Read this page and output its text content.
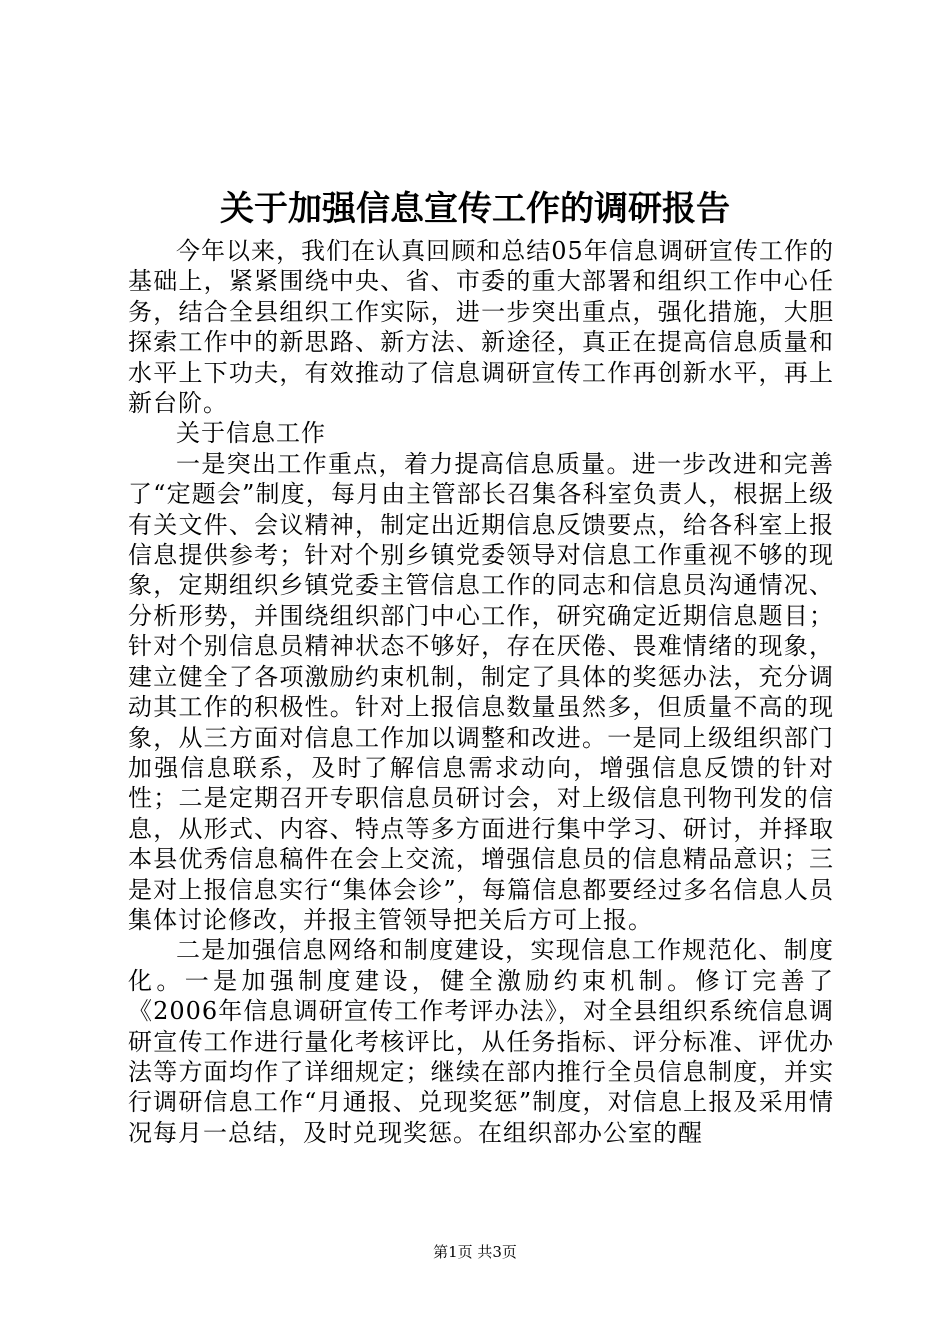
关于加强信息宣传工作的调研报告

今年以来，我们在认真回顾和总结05年信息调研宣传工作的基础上，紧紧围绕中央、省、市委的重大部署和组织工作中心任务，结合全县组织工作实际，进一步突出重点，强化措施，大胆探索工作中的新思路、新方法、新途径，真正在提高信息质量和水平上下功夫，有效推动了信息调研宣传工作再创新水平，再上新台阶。

关于信息工作

一是突出工作重点，着力提高信息质量。进一步改进和完善了“定题会”制度，每月由主管部长召集各科室负责人，根据上级有关文件、会议精神，制定出近期信息反馈要点，给各科室上报信息提供参考；针对个别乡镇党委领导对信息工作重视不够的现象，定期组织乡镇党委主管信息工作的同志和信息员沟通情况、分析形势，并围绕组织部门中心工作，研究确定近期信息题目；针对个别信息员精神状态不够好，存在厌倦、畏难情绪的现象，建立健全了各项激励约束机制，制定了具体的奖惩办法，充分调动其工作的积极性。针对上报信息数量虽然多，但质量不高的现象，从三方面对信息工作加以调整和改进。一是同上级组织部门加强信息联系，及时了解信息需求动向，增强信息反馈的针对性；二是定期召开专职信息员研讨会，对上级信息刊物刊发的信息，从形式、内容、特点等多方面进行集中学习、研讨，并择取本县优秀信息稿件在会上交流，增强信息员的信息精品意识；三是对上报信息实行“集体会诊”，每篇信息都要经过多名信息人员集体讨论修改，并报主管领导把关后方可上报。

二是加强信息网络和制度建设，实现信息工作规范化、制度化。一是加强制度建设，健全激励约束机制。修订完善了《2006年信息调研宣传工作考评办法》，对全县组织系统信息调研宣传工作进行量化考核评比，从任务指标、评分标准、评优办法等方面均作了详细规定；继续在部内推行全员信息制度，并实行调研信息工作“月通报、兑现奖惩”制度，对信息上报及采用情况每月一总结，及时兑现奖惩。在组织部办公室的醒

第1页 共3页
